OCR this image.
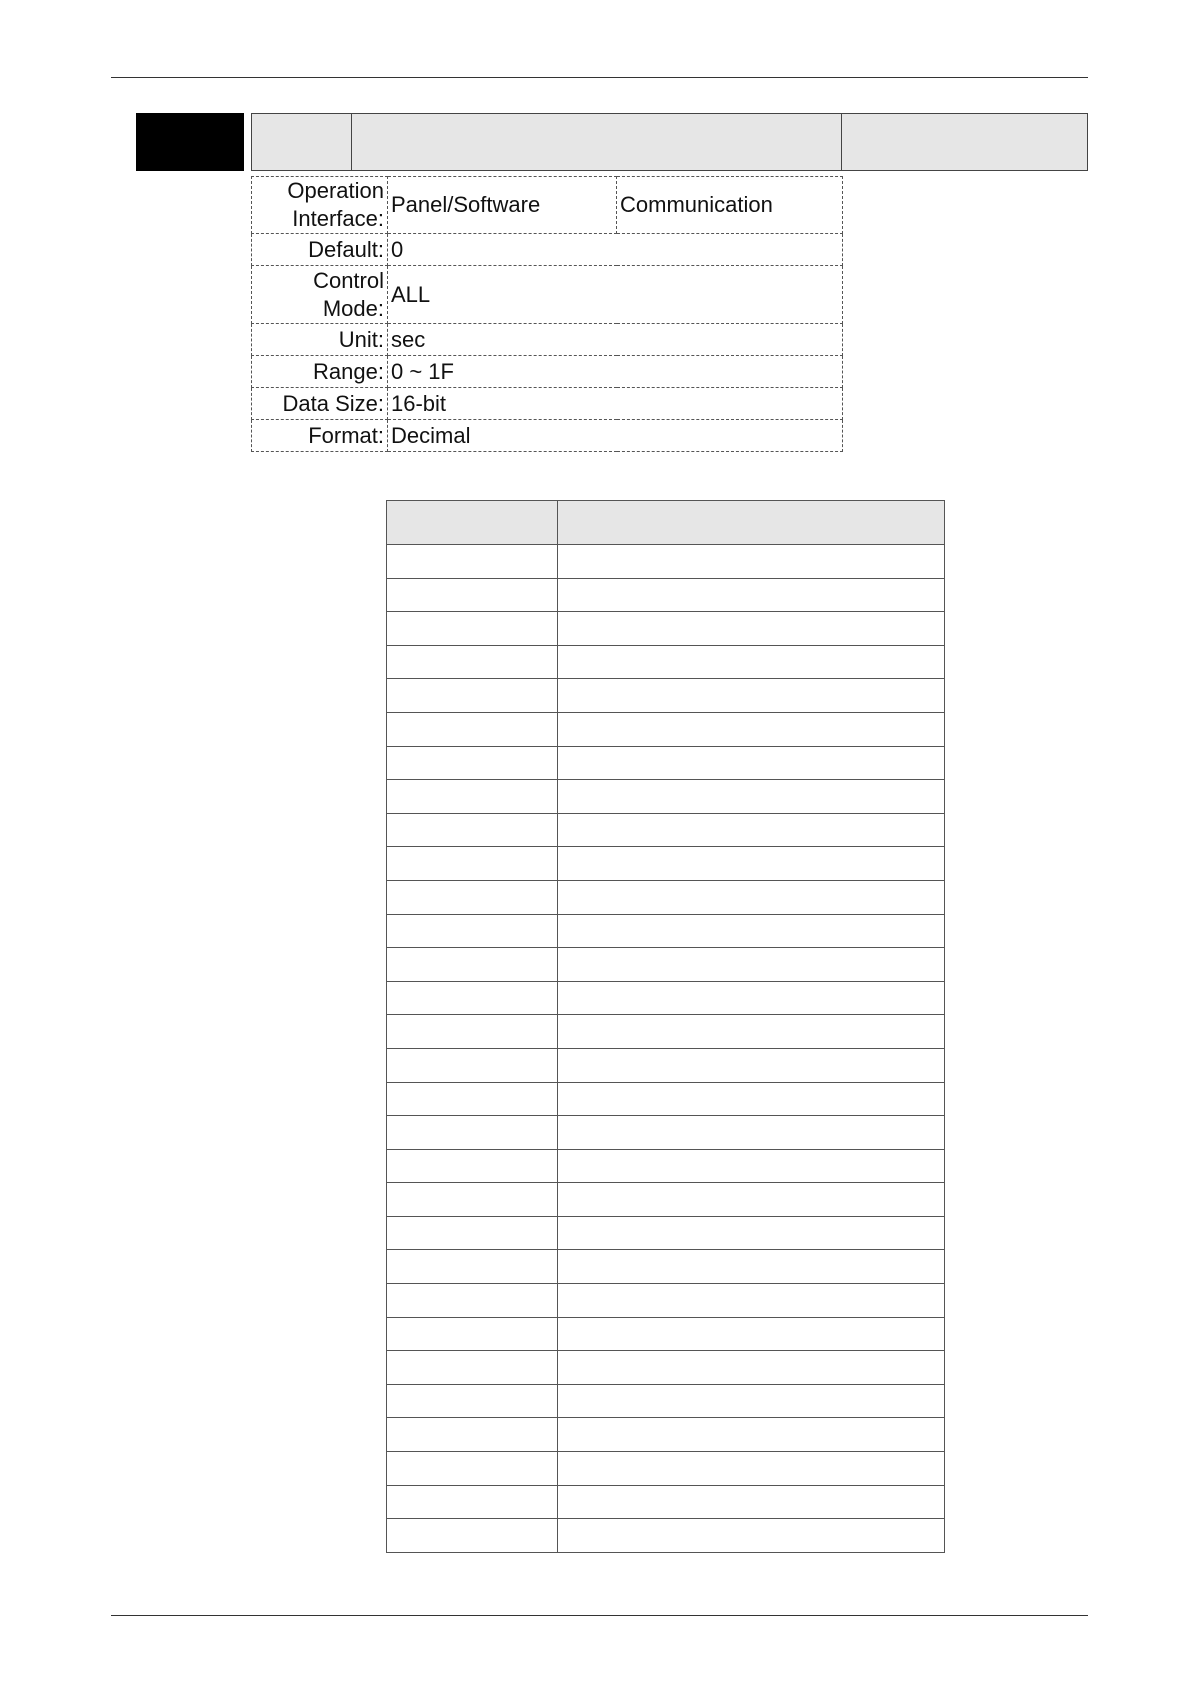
Operation
Interface:	Panel/Software	Communication
Default:	0	

Control
Mode:	ALL	
Unit:	sec	
Range:	0 ~ 1F	
Data Size:	16-bit	
Format:	Decimal	
